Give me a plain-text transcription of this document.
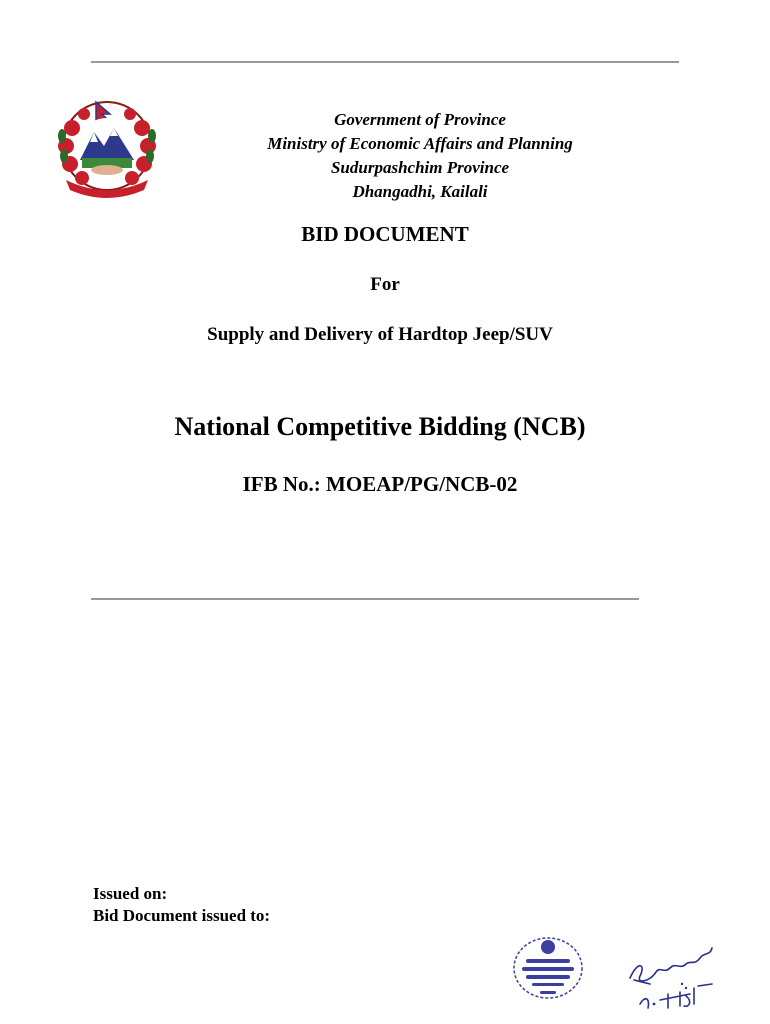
Government of Province
Ministry of Economic Affairs and Planning
Sudurpashchim Province
Dhangadhi, Kailali
BID DOCUMENT
For
Supply and Delivery of Hardtop Jeep/SUV
National Competitive Bidding (NCB)
IFB No.: MOEAP/PG/NCB-02
Issued on:
Bid Document issued to:
